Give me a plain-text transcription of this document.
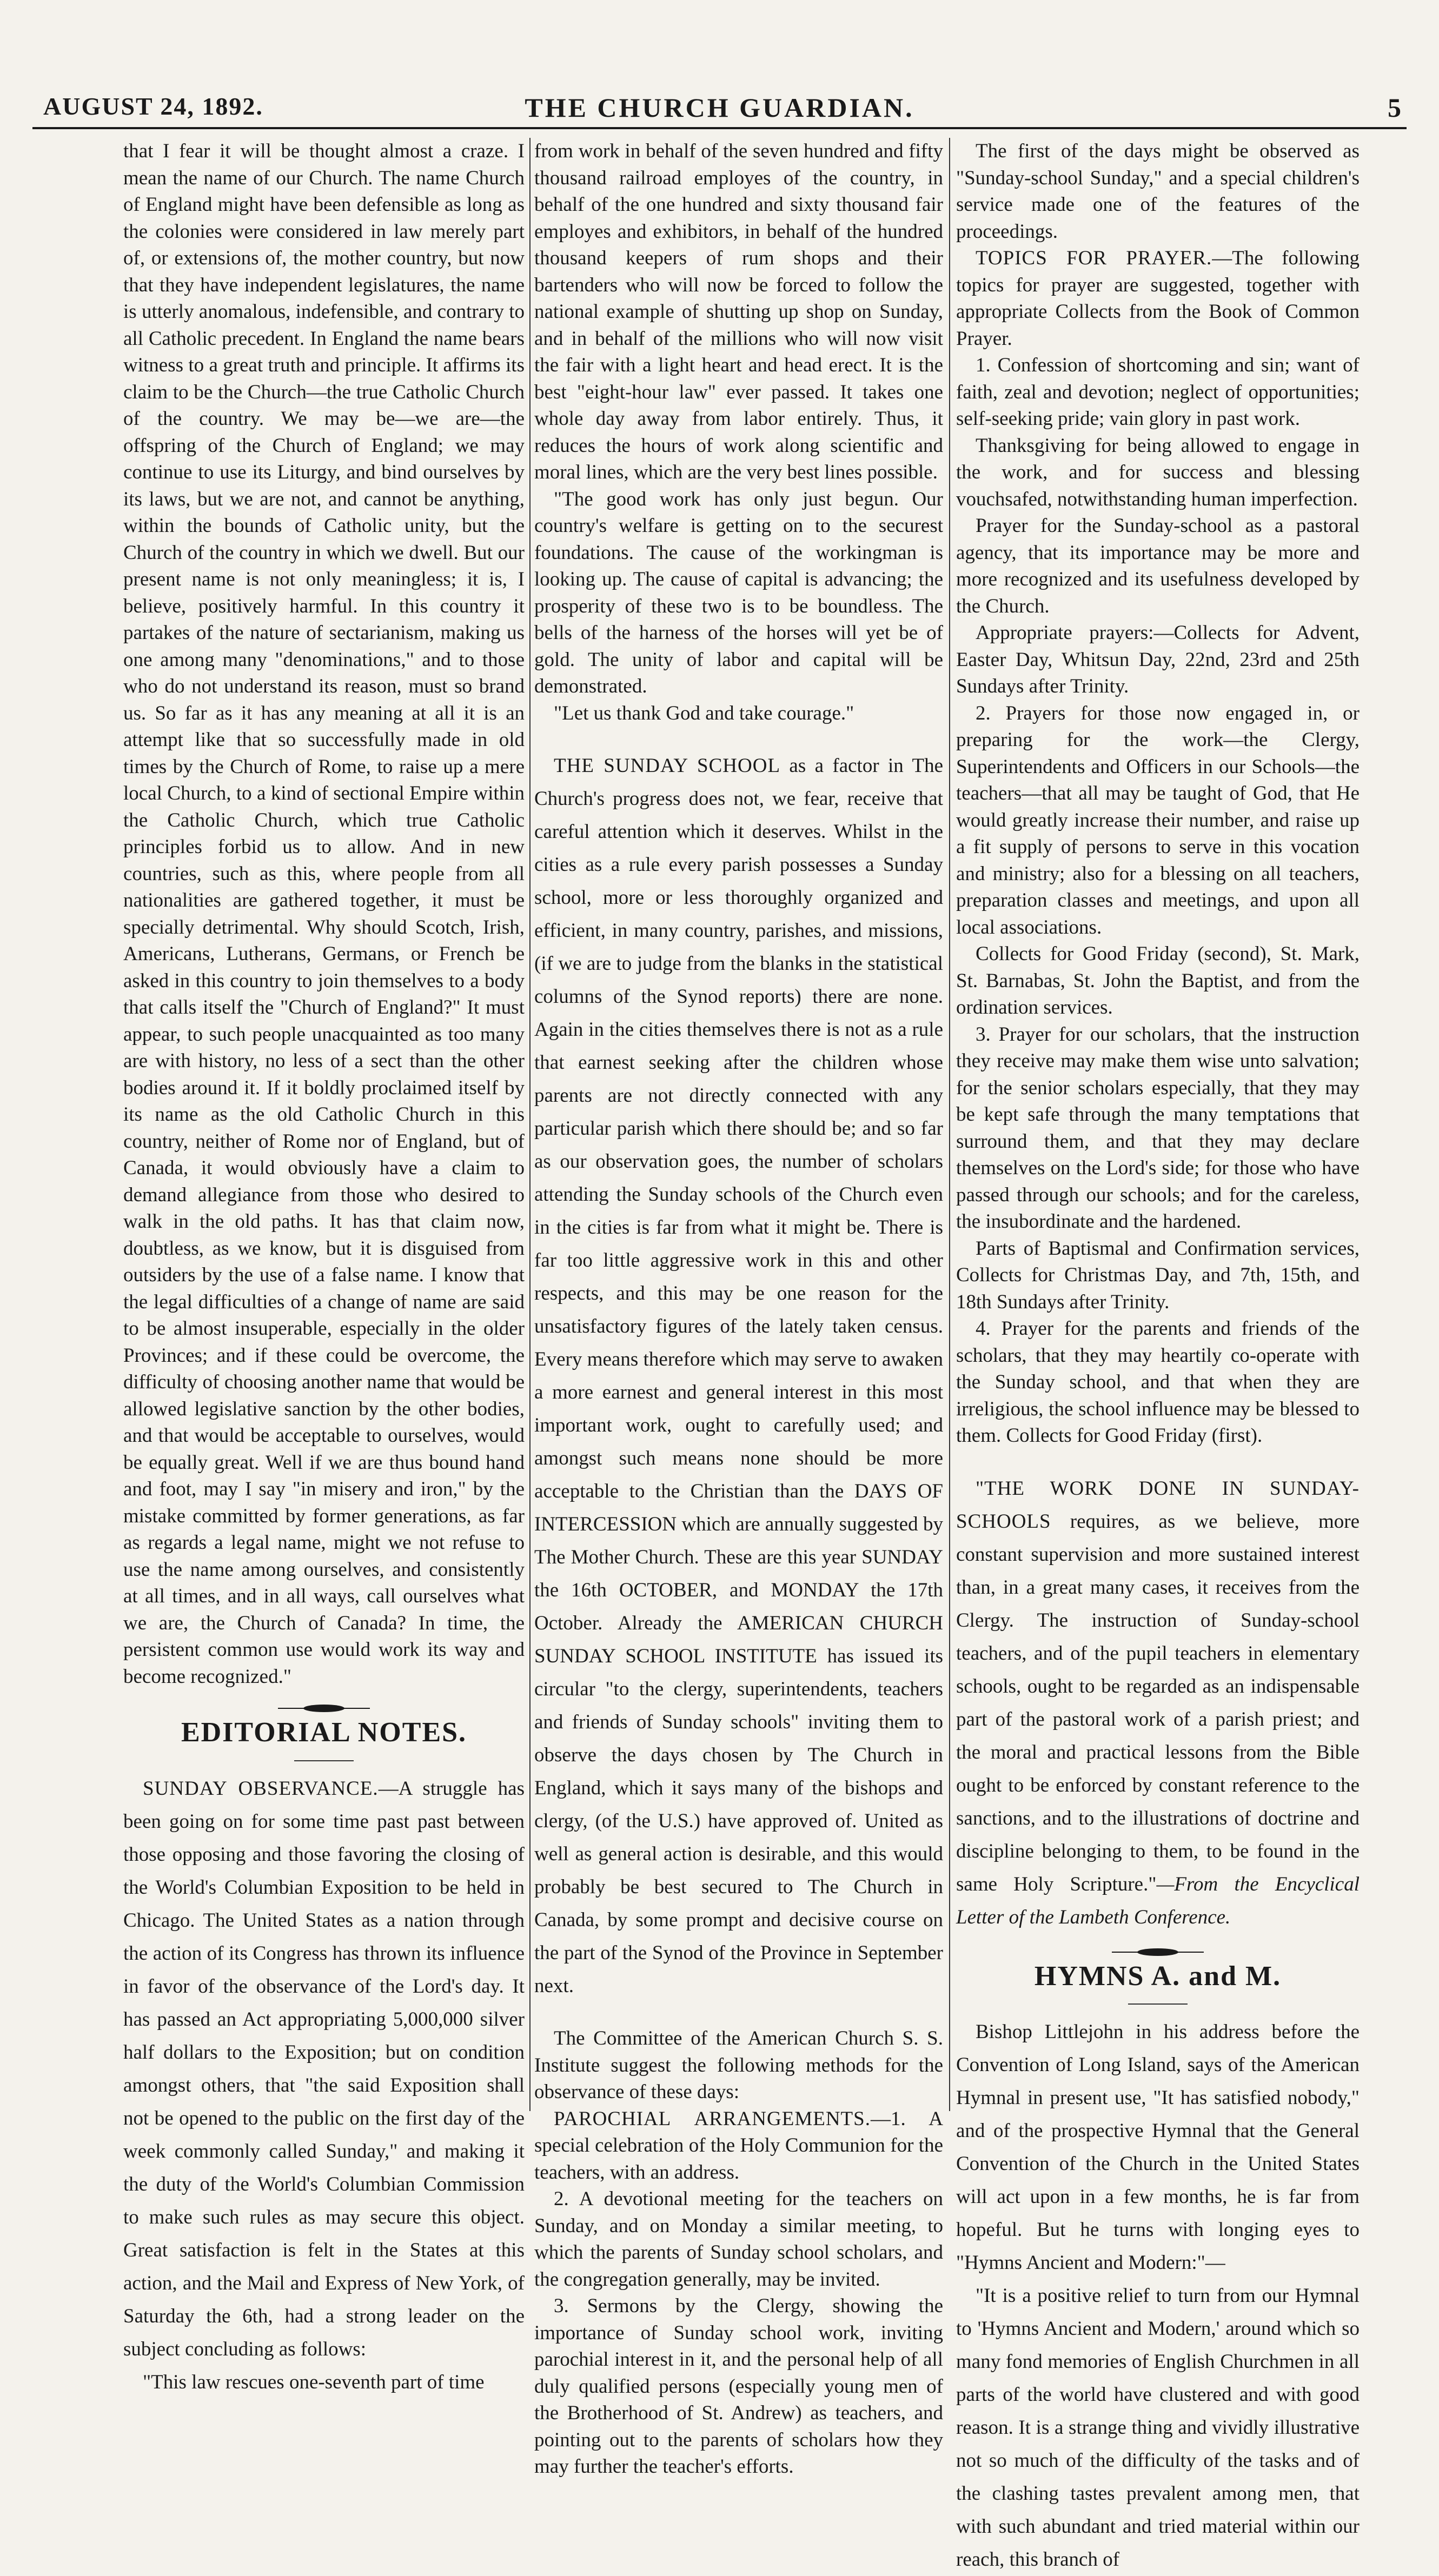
AUGUST 24, 1892.	THE CHURCH GUARDIAN.	5

that I fear it will be thought almost a craze. I mean the name of our Church. The name Church of England might have been defensible as long as the colonies were considered in law merely part of, or extensions of, the mother country, but now that they have independent legislatures, the name is utterly anomalous, indefensible, and contrary to all Catholic precedent. In England the name bears witness to a great truth and principle. It affirms its claim to be the Church—the true Catholic Church of the country. We may be—we are—the offspring of the Church of England; we may continue to use its Liturgy, and bind ourselves by its laws, but we are not, and cannot be anything, within the bounds of Catholic unity, but the Church of the country in which we dwell. But our present name is not only meaningless; it is, I believe, positively harmful. In this country it partakes of the nature of sectarianism, making us one among many "denominations," and to those who do not understand its reason, must so brand us. So far as it has any meaning at all it is an attempt like that so successfully made in old times by the Church of Rome, to raise up a mere local Church, to a kind of sectional Empire within the Catholic Church, which true Catholic principles forbid us to allow. And in new countries, such as this, where people from all nationalities are gathered together, it must be specially detrimental. Why should Scotch, Irish, Americans, Lutherans, Germans, or French be asked in this country to join themselves to a body that calls itself the "Church of England?" It must appear, to such people unacquainted as too many are with history, no less of a sect than the other bodies around it. If it boldly proclaimed itself by its name as the old Catholic Church in this country, neither of Rome nor of England, but of Canada, it would obviously have a claim to demand allegiance from those who desired to walk in the old paths. It has that claim now, doubtless, as we know, but it is disguised from outsiders by the use of a false name. I know that the legal difficulties of a change of name are said to be almost insuperable, especially in the older Provinces; and if these could be overcome, the difficulty of choosing another name that would be allowed legislative sanction by the other bodies, and that would be acceptable to ourselves, would be equally great. Well if we are thus bound hand and foot, may I say "in misery and iron," by the mistake committed by former generations, as far as regards a legal name, might we not refuse to use the name among ourselves, and consistently at all times, and in all ways, call ourselves what we are, the Church of Canada? In time, the persistent common use would work its way and become recognized."

EDITORIAL NOTES.

SUNDAY OBSERVANCE.—A struggle has been going on for some time past past between those opposing and those favoring the closing of the World's Columbian Exposition to be held in Chicago. The United States as a nation through the action of its Congress has thrown its influence in favor of the observance of the Lord's day. It has passed an Act appropriating 5,000,000 silver half dollars to the Exposition; but on condition amongst others, that "the said Exposition shall not be opened to the public on the first day of the week commonly called Sunday," and making it the duty of the World's Columbian Commission to make such rules as may secure this object. Great satisfaction is felt in the States at this action, and the Mail and Express of New York, of Saturday the 6th, had a strong leader on the subject concluding as follows:

"This law rescues one-seventh part of time

from work in behalf of the seven hundred and fifty thousand railroad employes of the country, in behalf of the one hundred and sixty thousand fair employes and exhibitors, in behalf of the hundred thousand keepers of rum shops and their bartenders who will now be forced to follow the national example of shutting up shop on Sunday, and in behalf of the millions who will now visit the fair with a light heart and head erect. It is the best "eight-hour law" ever passed. It takes one whole day away from labor entirely. Thus, it reduces the hours of work along scientific and moral lines, which are the very best lines possible.

"The good work has only just begun. Our country's welfare is getting on to the securest foundations. The cause of the workingman is looking up. The cause of capital is advancing; the prosperity of these two is to be boundless. The bells of the harness of the horses will yet be of gold. The unity of labor and capital will be demonstrated.

"Let us thank God and take courage."

THE SUNDAY SCHOOL as a factor in The Church's progress does not, we fear, receive that careful attention which it deserves. Whilst in the cities as a rule every parish possesses a Sunday school, more or less thoroughly organized and efficient, in many country, parishes, and missions, (if we are to judge from the blanks in the statistical columns of the Synod reports) there are none. Again in the cities themselves there is not as a rule that earnest seeking after the children whose parents are not directly connected with any particular parish which there should be; and so far as our observation goes, the number of scholars attending the Sunday schools of the Church even in the cities is far from what it might be. There is far too little aggressive work in this and other respects, and this may be one reason for the unsatisfactory figures of the lately taken census. Every means therefore which may serve to awaken a more earnest and general interest in this most important work, ought to carefully used; and amongst such means none should be more acceptable to the Christian than the DAYS OF INTERCESSION which are annually suggested by The Mother Church. These are this year SUNDAY the 16th OCTOBER, and MONDAY the 17th October. Already the AMERICAN CHURCH SUNDAY SCHOOL INSTITUTE has issued its circular "to the clergy, superintendents, teachers and friends of Sunday schools" inviting them to observe the days chosen by The Church in England, which it says many of the bishops and clergy, (of the U.S.) have approved of. United as well as general action is desirable, and this would probably be best secured to The Church in Canada, by some prompt and decisive course on the part of the Synod of the Province in September next.

The Committee of the American Church S. S. Institute suggest the following methods for the observance of these days:

PAROCHIAL ARRANGEMENTS.—1. A special celebration of the Holy Communion for the teachers, with an address.

2. A devotional meeting for the teachers on Sunday, and on Monday a similar meeting, to which the parents of Sunday school scholars, and the congregation generally, may be invited.

3. Sermons by the Clergy, showing the importance of Sunday school work, inviting parochial interest in it, and the personal help of all duly qualified persons (especially young men of the Brotherhood of St. Andrew) as teachers, and pointing out to the parents of scholars how they may further the teacher's efforts.

The first of the days might be observed as "Sunday-school Sunday," and a special children's service made one of the features of the proceedings.

TOPICS FOR PRAYER.—The following topics for prayer are suggested, together with appropriate Collects from the Book of Common Prayer.

1. Confession of shortcoming and sin; want of faith, zeal and devotion; neglect of opportunities; self-seeking pride; vain glory in past work.

Thanksgiving for being allowed to engage in the work, and for success and blessing vouchsafed, notwithstanding human imperfection.

Prayer for the Sunday-school as a pastoral agency, that its importance may be more and more recognized and its usefulness developed by the Church.

Appropriate prayers:—Collects for Advent, Easter Day, Whitsun Day, 22nd, 23rd and 25th Sundays after Trinity.

2. Prayers for those now engaged in, or preparing for the work—the Clergy, Superintendents and Officers in our Schools—the teachers—that all may be taught of God, that He would greatly increase their number, and raise up a fit supply of persons to serve in this vocation and ministry; also for a blessing on all teachers, preparation classes and meetings, and upon all local associations.

Collects for Good Friday (second), St. Mark, St. Barnabas, St. John the Baptist, and from the ordination services.

3. Prayer for our scholars, that the instruction they receive may make them wise unto salvation; for the senior scholars especially, that they may be kept safe through the many temptations that surround them, and that they may declare themselves on the Lord's side; for those who have passed through our schools; and for the careless, the insubordinate and the hardened.

Parts of Baptismal and Confirmation services, Collects for Christmas Day, and 7th, 15th, and 18th Sundays after Trinity.

4. Prayer for the parents and friends of the scholars, that they may heartily co-operate with the Sunday school, and that when they are irreligious, the school influence may be blessed to them. Collects for Good Friday (first).

"THE WORK DONE IN SUNDAY-SCHOOLS requires, as we believe, more constant supervision and more sustained interest than, in a great many cases, it receives from the Clergy. The instruction of Sunday-school teachers, and of the pupil teachers in elementary schools, ought to be regarded as an indispensable part of the pastoral work of a parish priest; and the moral and practical lessons from the Bible ought to be enforced by constant reference to the sanctions, and to the illustrations of doctrine and discipline belonging to them, to be found in the same Holy Scripture."—From the Encyclical Letter of the Lambeth Conference.

HYMNS A. and M.

Bishop Littlejohn in his address before the Convention of Long Island, says of the American Hymnal in present use, "It has satisfied nobody," and of the prospective Hymnal that the General Convention of the Church in the United States will act upon in a few months, he is far from hopeful. But he turns with longing eyes to "Hymns Ancient and Modern:"—

"It is a positive relief to turn from our Hymnal to 'Hymns Ancient and Modern,' around which so many fond memories of English Churchmen in all parts of the world have clustered and with good reason. It is a strange thing and vividly illustrative not so much of the difficulty of the tasks and of the clashing tastes prevalent among men, that with such abundant and tried material within our reach, this branch of
